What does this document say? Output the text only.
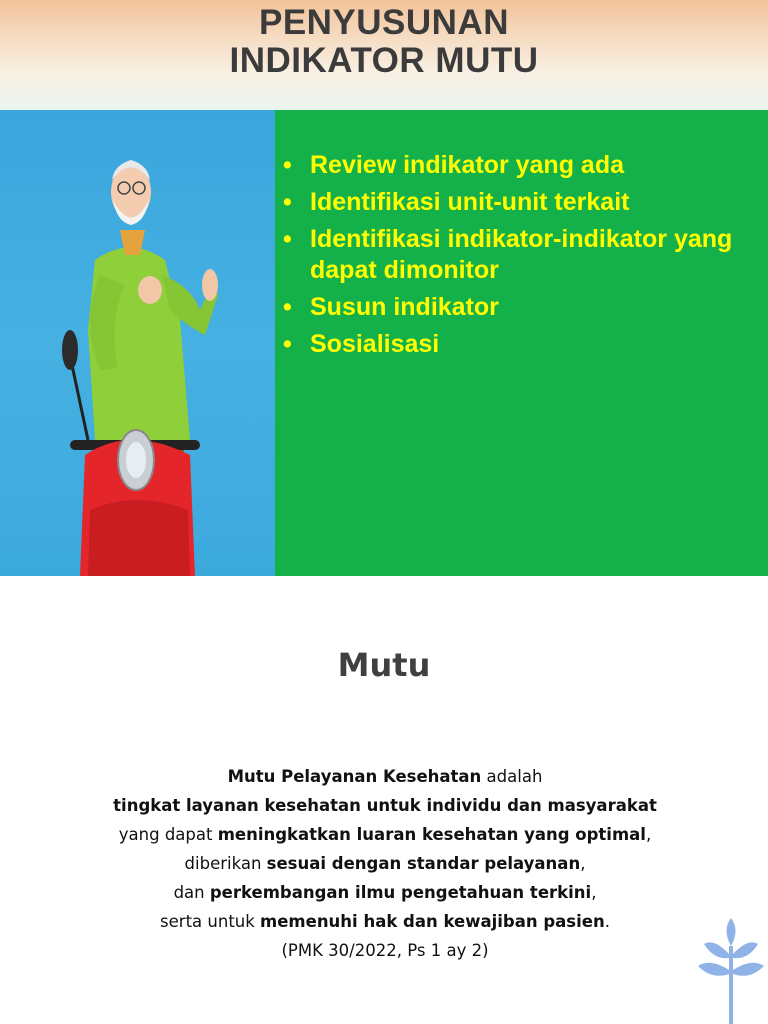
PENYUSUNAN
INDIKATOR MUTU
• Review indikator yang ada
• Identifikasi unit-unit terkait
• Identifikasi indikator-indikator yang dapat dimonitor
• Susun indikator
• Sosialisasi
Mutu
Mutu Pelayanan Kesehatan adalah
tingkat layanan kesehatan untuk individu dan masyarakat
yang dapat meningkatkan luaran kesehatan yang optimal,
diberikan sesuai dengan standar pelayanan,
dan perkembangan ilmu pengetahuan terkini,
serta untuk memenuhi hak dan kewajiban pasien.
(PMK 30/2022, Ps 1 ay 2)
